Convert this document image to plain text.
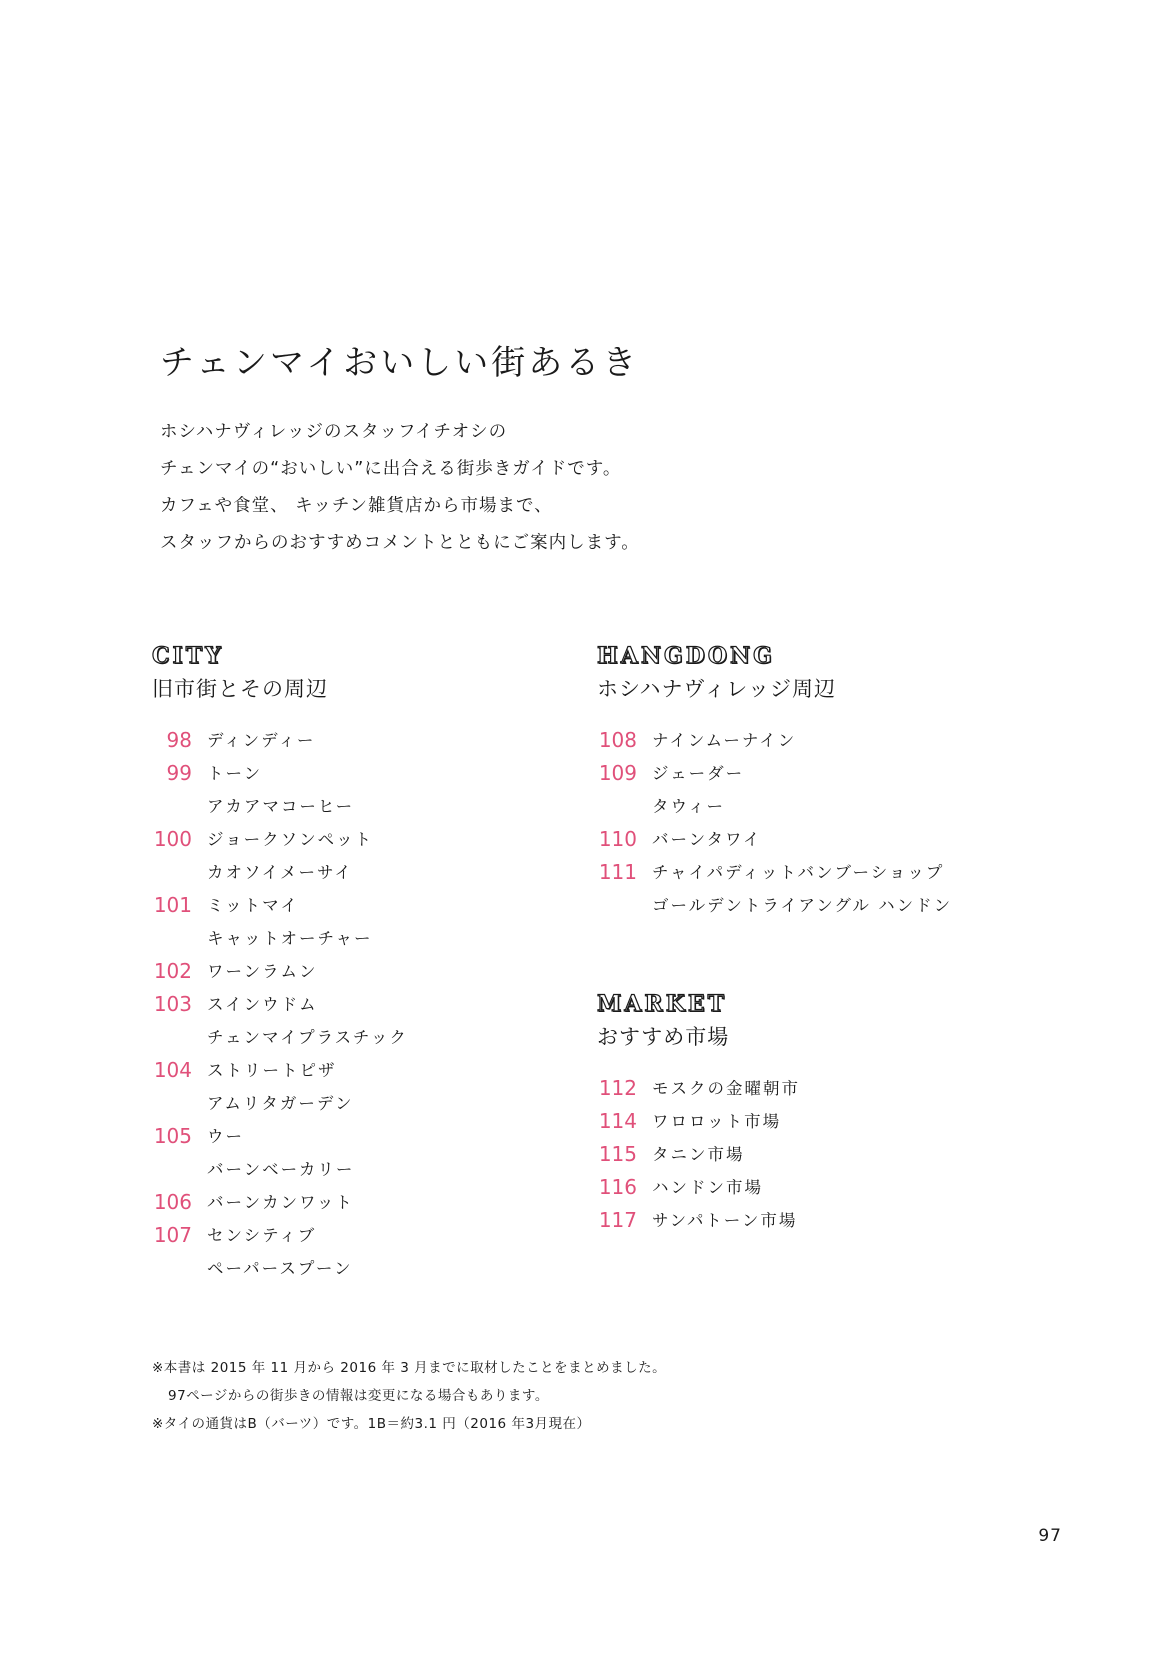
チェンマイおいしい街あるき

ホシハナヴィレッジのスタッフイチオシの

チェンマイの“おいしい”に出合える街歩きガイドです。

カフェや食堂、 キッチン雑貨店から市場まで、

スタッフからのおすすめコメントとともにご案内します。

CITY
旧市街とその周辺
98 ディンディー
99 トーン
アカアマコーヒー
100 ジョークソンペット
カオソイメーサイ
101 ミットマイ
キャットオーチャー
102 ワーンラムン
103 スインウドム
チェンマイプラスチック
104 ストリートピザ
アムリタガーデン
105 ウー
バーンベーカリー
106 バーンカンワット
107 センシティブ
ペーパースプーン
HANGDONG
ホシハナヴィレッジ周辺
108 ナインムーナイン
109 ジェーダー
タウィー
110 バーンタワイ
111 チャイパディットバンブーショップ
ゴールデントライアングル ハンドン
MARKET
おすすめ市場
112 モスクの金曜朝市
114 ワロロット市場
115 タニン市場
116 ハンドン市場
117 サンパトーン市場

※本書は 2015 年 11 月から 2016 年 3 月までに取材したことをまとめました。

97ページからの街歩きの情報は変更になる場合もあります。

※タイの通貨はB（バーツ）です。1B＝約3.1 円（2016 年3月現在）

97
